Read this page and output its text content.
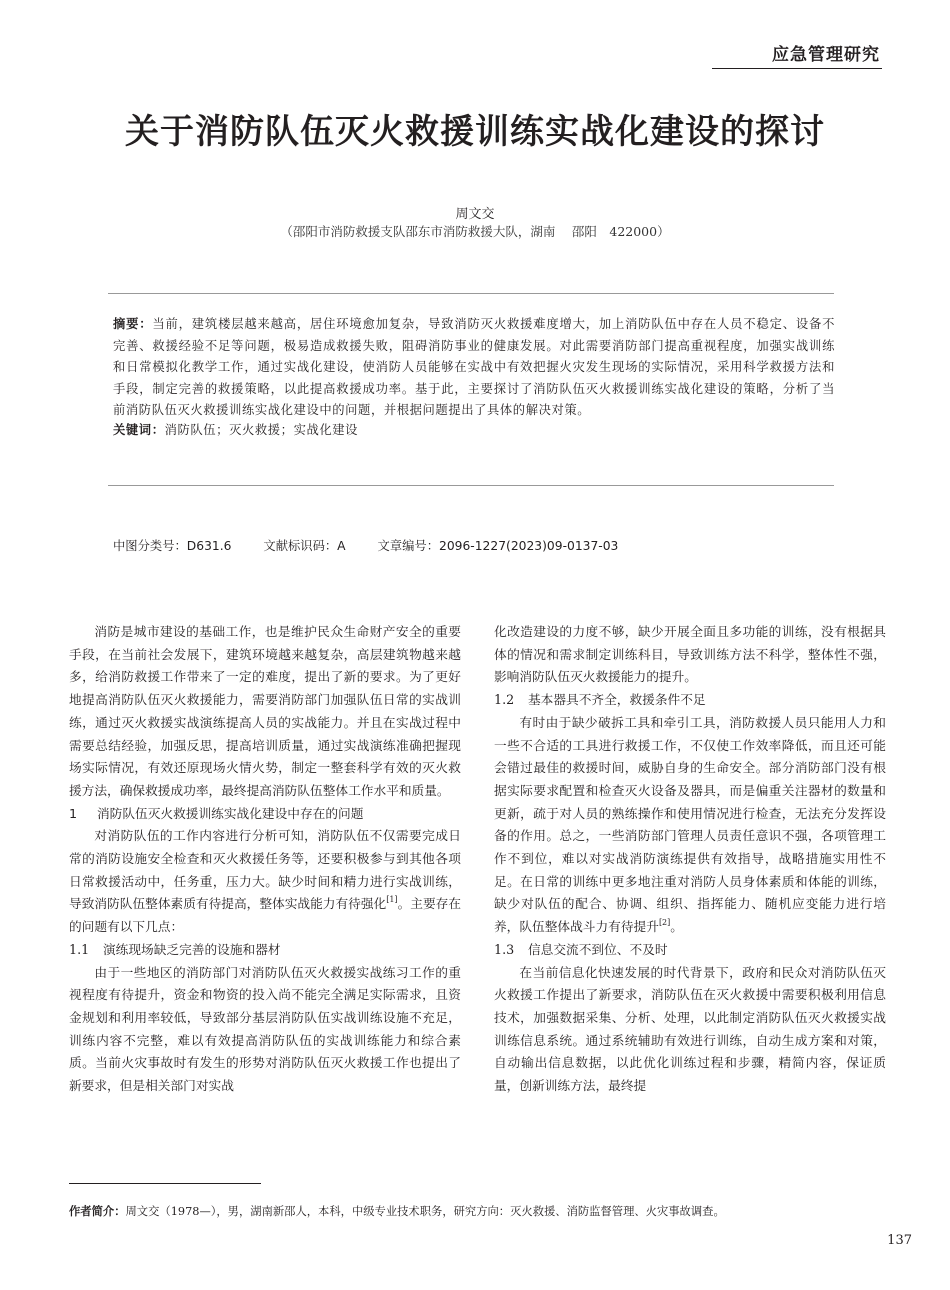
应急管理研究
关于消防队伍灭火救援训练实战化建设的探讨
周文交
（邵阳市消防救援支队邵东市消防救援大队，湖南　 邵阳　422000）
摘要：当前，建筑楼层越来越高，居住环境愈加复杂，导致消防灭火救援难度增大，加上消防队伍中存在人员不稳定、设备不完善、救援经验不足等问题，极易造成救援失败，阻碍消防事业的健康发展。对此需要消防部门提高重视程度，加强实战训练和日常模拟化教学工作，通过实战化建设，使消防人员能够在实战中有效把握火灾发生现场的实际情况，采用科学救援方法和手段，制定完善的救援策略，以此提高救援成功率。基于此，主要探讨了消防队伍灭火救援训练实战化建设的策略，分析了当前消防队伍灭火救援训练实战化建设中的问题，并根据问题提出了具体的解决对策。
关键词：消防队伍；灭火救援；实战化建设
中图分类号：D631.6	文献标识码：A	文章编号：2096-1227(2023)09-0137-03

消防是城市建设的基础工作，也是维护民众生命财产安全的重要手段，在当前社会发展下，建筑环境越来越复杂，高层建筑物越来越多，给消防救援工作带来了一定的难度，提出了新的要求。为了更好地提高消防队伍灭火救援能力，需要消防部门加强队伍日常的实战训练，通过灭火救援实战演练提高人员的实战能力。并且在实战过程中需要总结经验，加强反思，提高培训质量，通过实战演练准确把握现场实际情况，有效还原现场火情火势，制定一整套科学有效的灭火救援方法，确保救援成功率，最终提高消防队伍整体工作水平和质量。

1 消防队伍灭火救援训练实战化建设中存在的问题

对消防队伍的工作内容进行分析可知，消防队伍不仅需要完成日常的消防设施安全检查和灭火救援任务等，还要积极参与到其他各项日常救援活动中，任务重，压力大。缺少时间和精力进行实战训练，导致消防队伍整体素质有待提高，整体实战能力有待强化[1]。主要存在的问题有以下几点：

1.1 演练现场缺乏完善的设施和器材

由于一些地区的消防部门对消防队伍灭火救援实战练习工作的重视程度有待提升，资金和物资的投入尚不能完全满足实际需求，且资金规划和利用率较低，导致部分基层消防队伍实战训练设施不充足，训练内容不完整，难以有效提高消防队伍的实战训练能力和综合素质。当前火灾事故时有发生的形势对消防队伍灭火救援工作也提出了新要求，但是相关部门对实战

化改造建设的力度不够，缺少开展全面且多功能的训练，没有根据具体的情况和需求制定训练科目，导致训练方法不科学，整体性不强，影响消防队伍灭火救援能力的提升。

1.2 基本器具不齐全，救援条件不足

有时由于缺少破拆工具和牵引工具，消防救援人员只能用人力和一些不合适的工具进行救援工作，不仅使工作效率降低，而且还可能会错过最佳的救援时间，威胁自身的生命安全。部分消防部门没有根据实际要求配置和检查灭火设备及器具，而是偏重关注器材的数量和更新，疏于对人员的熟练操作和使用情况进行检查，无法充分发挥设备的作用。总之，一些消防部门管理人员责任意识不强，各项管理工作不到位，难以对实战消防演练提供有效指导，战略措施实用性不足。在日常的训练中更多地注重对消防人员身体素质和体能的训练，缺少对队伍的配合、协调、组织、指挥能力、随机应变能力进行培养，队伍整体战斗力有待提升[2]。

1.3 信息交流不到位、不及时

在当前信息化快速发展的时代背景下，政府和民众对消防队伍灭火救援工作提出了新要求，消防队伍在灭火救援中需要积极利用信息技术，加强数据采集、分析、处理，以此制定消防队伍灭火救援实战训练信息系统。通过系统辅助有效进行训练，自动生成方案和对策，自动输出信息数据，以此优化训练过程和步骤，精简内容，保证质量，创新训练方法，最终提

作者简介：周文交（1978—），男，湖南新邵人，本科，中级专业技术职务，研究方向：灭火救援、消防监督管理、火灾事故调查。
137
